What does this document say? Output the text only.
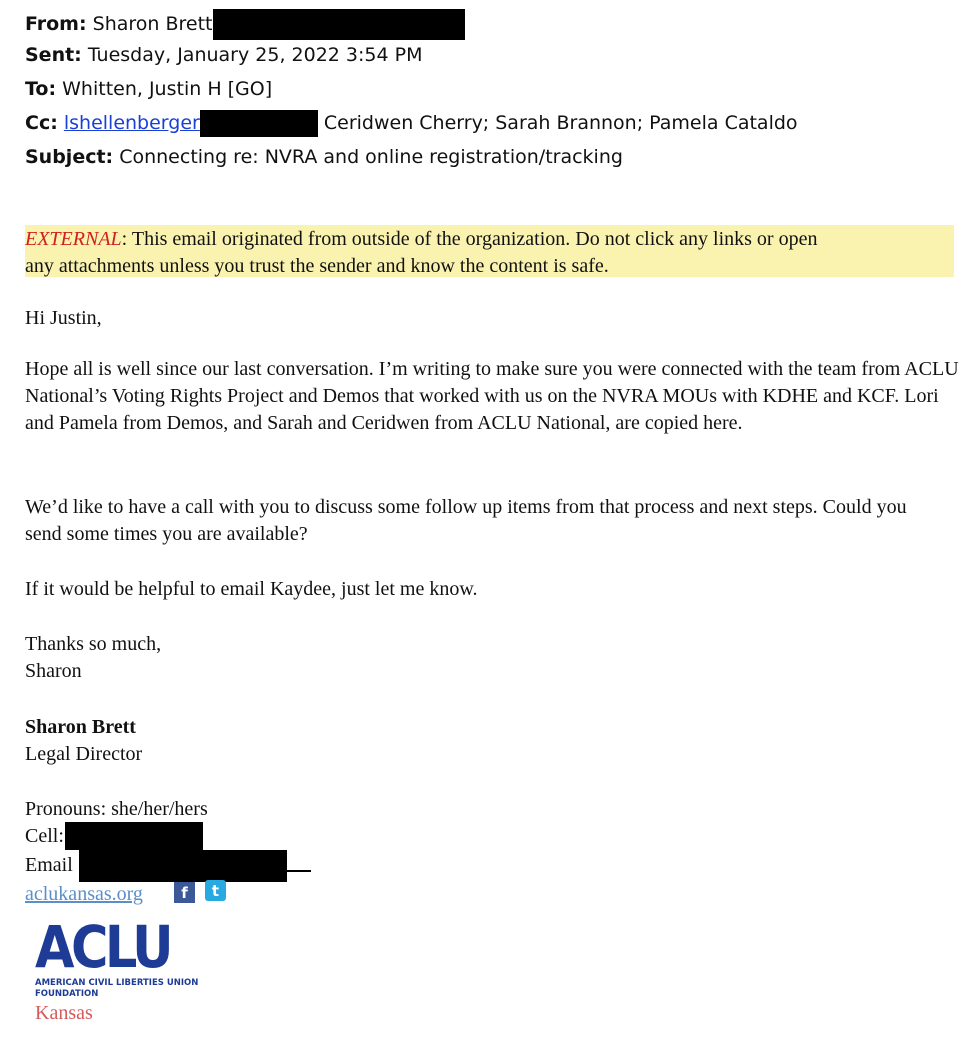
From: Sharon Brett
Sent: Tuesday, January 25, 2022 3:54 PM
To: Whitten, Justin H [GO]
Cc: lshellenberger	Ceridwen Cherry; Sarah Brannon; Pamela Cataldo
Subject: Connecting re: NVRA and online registration/tracking
EXTERNAL: This email originated from outside of the organization. Do not click any links or open
any attachments unless you trust the sender and know the content is safe.
Hi Justin,
Hope all is well since our last conversation. I’m writing to make sure you were connected with the team from ACLU National’s Voting Rights Project and Demos that worked with us on the NVRA MOUs with KDHE and KCF. Lori and Pamela from Demos, and Sarah and Ceridwen from ACLU National, are copied here.
We’d like to have a call with you to discuss some follow up items from that process and next steps. Could you send some times you are available?
If it would be helpful to email Kaydee, just let me know.
Thanks so much,
Sharon
Sharon Brett
Legal Director
Pronouns: she/her/hers
Cell:
Email
aclukansas.org	f	t
ACLU
AMERICAN CIVIL LIBERTIES UNION
FOUNDATION
Kansas
